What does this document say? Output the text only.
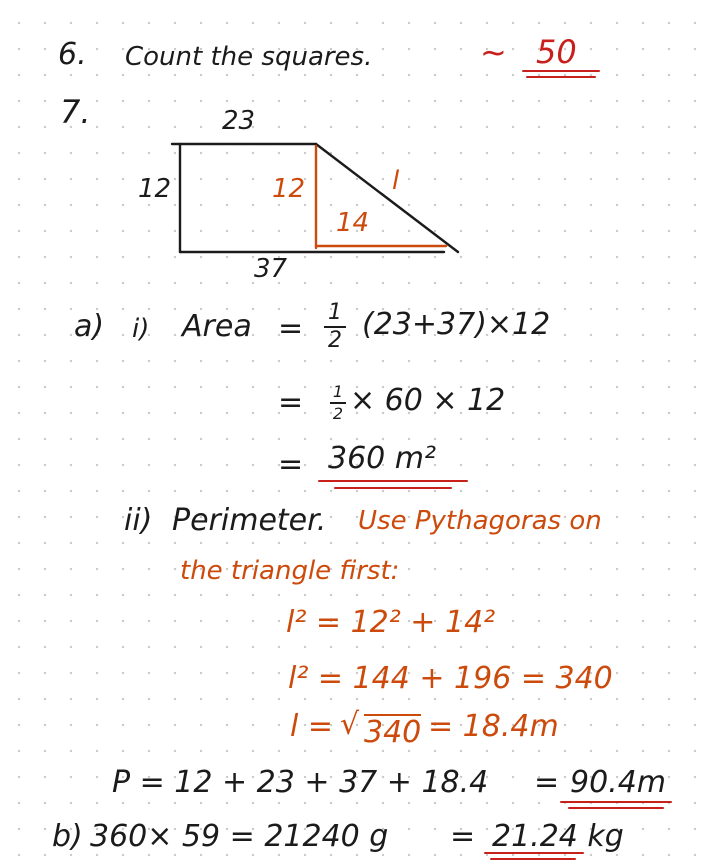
6. Count the squares.	~ 50
7.	23
12
37
12
14
l
a) i) Area = 1
2 (23+37)×12
= 1
2 × 60 × 12
= 360 m²
ii) Perimeter. Use Pythagoras on
the triangle first:
l² = 12² + 14²
l² = 144 + 196 = 340
l = √ 340 = 18.4m
P = 12 + 23 + 37 + 18.4 = 90.4m
b) 360× 59 = 21240 g = 21.24 kg
